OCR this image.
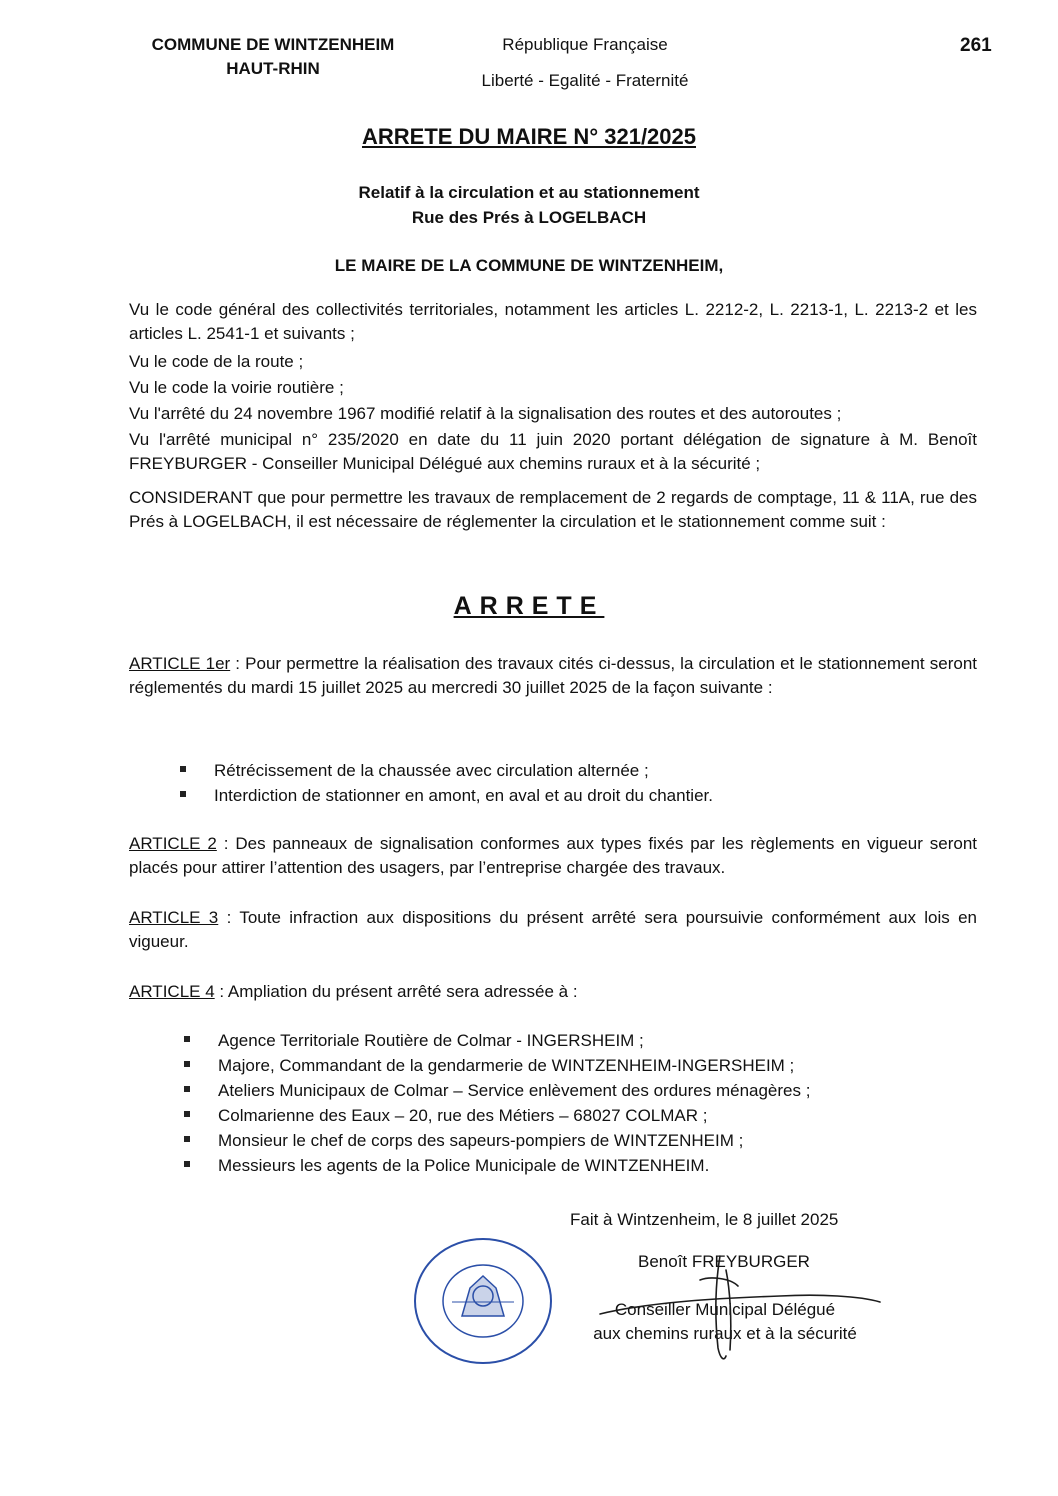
COMMUNE DE WINTZENHEIM
HAUT-RHIN
République Française
Liberté - Egalité - Fraternité
261
ARRETE DU MAIRE N° 321/2025
Relatif à la circulation et au stationnement
Rue des Prés à LOGELBACH
LE MAIRE DE LA COMMUNE DE WINTZENHEIM,
Vu le code général des collectivités territoriales, notamment les articles L. 2212-2, L. 2213-1, L. 2213-2 et les articles L. 2541-1 et suivants ;
Vu le code de la route ;
Vu le code la voirie routière ;
Vu l'arrêté du 24 novembre 1967 modifié relatif à la signalisation des routes et des autoroutes ;
Vu l'arrêté municipal n° 235/2020 en date du 11 juin 2020 portant délégation de signature à M. Benoît FREYBURGER - Conseiller Municipal Délégué aux chemins ruraux et à la sécurité ;
CONSIDERANT que pour permettre les travaux de remplacement de 2 regards de comptage, 11 & 11A, rue des Prés à LOGELBACH, il est nécessaire de réglementer la circulation et le stationnement comme suit :
ARRETE
ARTICLE 1er : Pour permettre la réalisation des travaux cités ci-dessus, la circulation et le stationnement seront réglementés du mardi 15 juillet 2025 au mercredi 30 juillet 2025 de la façon suivante :
Rétrécissement de la chaussée avec circulation alternée ;
Interdiction de stationner en amont, en aval et au droit du chantier.
ARTICLE 2 : Des panneaux de signalisation conformes aux types fixés par les règlements en vigueur seront placés pour attirer l’attention des usagers, par l’entreprise chargée des travaux.
ARTICLE 3 : Toute infraction aux dispositions du présent arrêté sera poursuivie conformément aux lois en vigueur.
ARTICLE 4 : Ampliation du présent arrêté sera adressée à :
Agence Territoriale Routière de Colmar - INGERSHEIM ;
Majore, Commandant de la gendarmerie de WINTZENHEIM-INGERSHEIM ;
Ateliers Municipaux de Colmar – Service enlèvement des ordures ménagères ;
Colmarienne des Eaux – 20, rue des Métiers – 68027 COLMAR ;
Monsieur le chef de corps des sapeurs-pompiers de WINTZENHEIM ;
Messieurs les agents de la Police Municipale de WINTZENHEIM.
Fait à Wintzenheim, le 8 juillet 2025
Benoît FREYBURGER
Conseiller Municipal Délégué
aux chemins ruraux et à la sécurité
